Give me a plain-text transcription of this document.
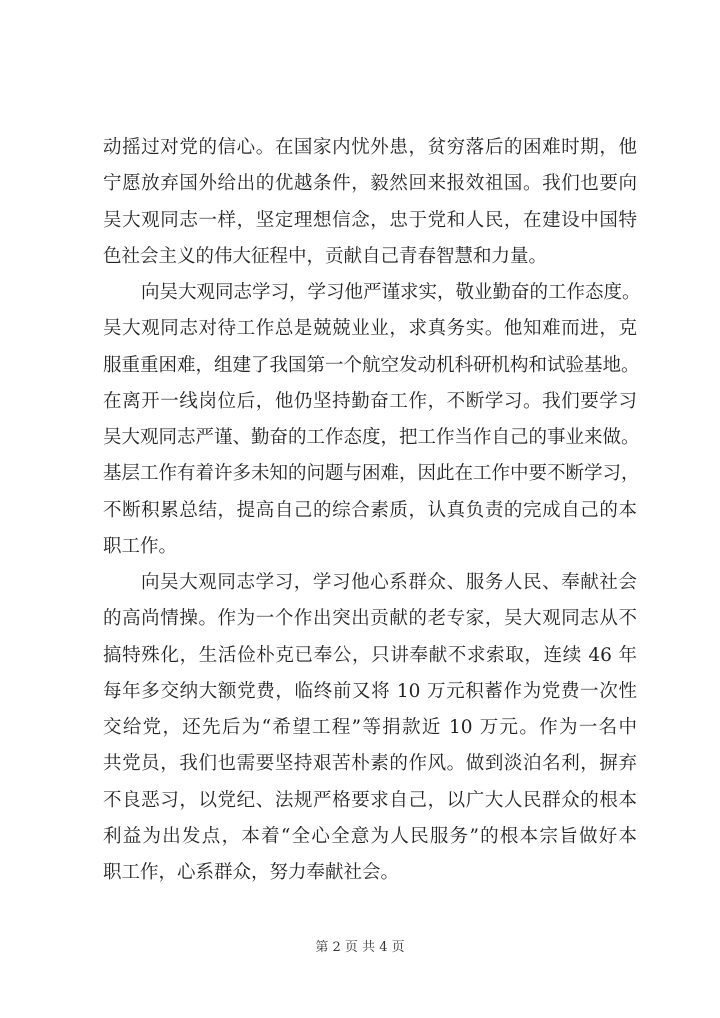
动摇过对党的信心。在国家内忧外患，贫穷落后的困难时期，他
宁愿放弃国外给出的优越条件，毅然回来报效祖国。我们也要向
吴大观同志一样，坚定理想信念，忠于党和人民，在建设中国特
色社会主义的伟大征程中，贡献自己青春智慧和力量。
向吴大观同志学习，学习他严谨求实，敬业勤奋的工作态度。
吴大观同志对待工作总是兢兢业业，求真务实。他知难而进，克
服重重困难，组建了我国第一个航空发动机科研机构和试验基地。
在离开一线岗位后，他仍坚持勤奋工作，不断学习。我们要学习
吴大观同志严谨、勤奋的工作态度，把工作当作自己的事业来做。
基层工作有着许多未知的问题与困难，因此在工作中要不断学习，
不断积累总结，提高自己的综合素质，认真负责的完成自己的本
职工作。
向吴大观同志学习，学习他心系群众、服务人民、奉献社会
的高尚情操。作为一个作出突出贡献的老专家，吴大观同志从不
搞特殊化，生活俭朴克已奉公，只讲奉献不求索取，连续 46 年
每年多交纳大额党费，临终前又将 10 万元积蓄作为党费一次性
交给党，还先后为“希望工程”等捐款近 10 万元。作为一名中
共党员，我们也需要坚持艰苦朴素的作风。做到淡泊名利，摒弃
不良恶习，以党纪、法规严格要求自己，以广大人民群众的根本
利益为出发点，本着“全心全意为人民服务”的根本宗旨做好本
职工作，心系群众，努力奉献社会。
第 2 页 共 4 页
